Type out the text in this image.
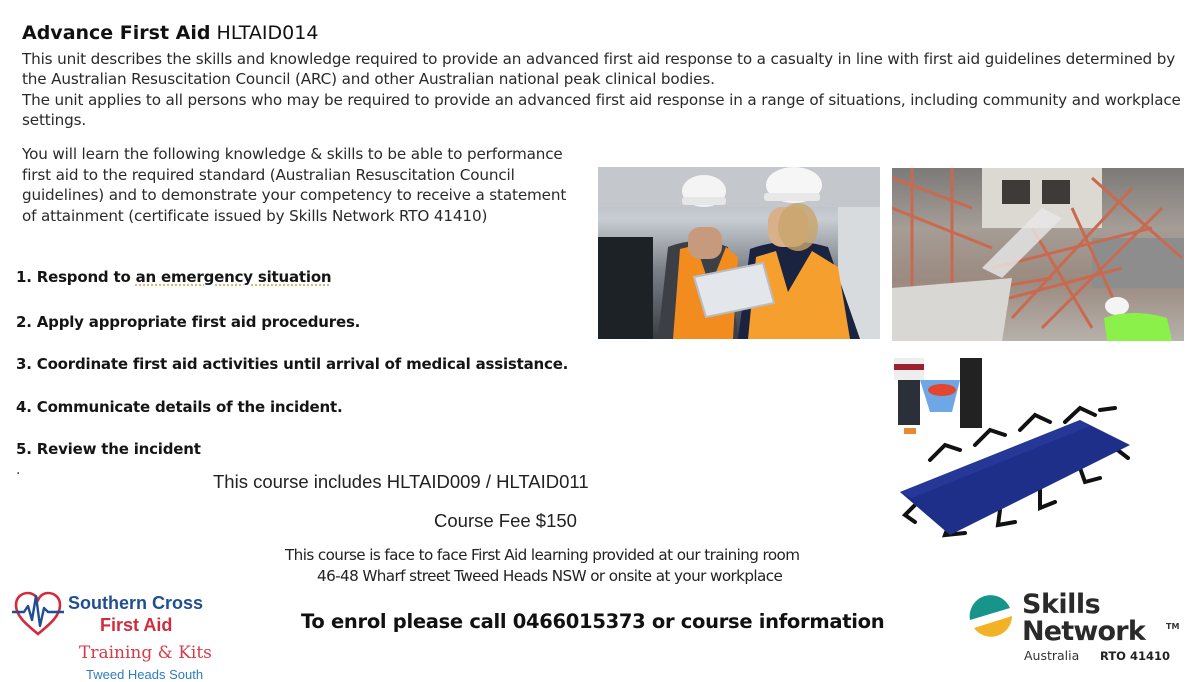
Advance First Aid HLTAID014
This unit describes the skills and knowledge required to provide an advanced first aid response to a casualty in line with first aid guidelines determined by the Australian Resuscitation Council (ARC) and other Australian national peak clinical bodies.
The unit applies to all persons who may be required to provide an advanced first aid response in a range of situations, including community and workplace settings.
You will learn the following knowledge & skills to be able to performance first aid to the required standard (Australian Resuscitation Council guidelines) and to demonstrate your competency to receive a statement of attainment (certificate issued by Skills Network RTO 41410)
1. Respond to an emergency situation
2. Apply appropriate first aid procedures.
3. Coordinate first aid activities until arrival of medical assistance.
4. Communicate details of the incident.
5. Review the incident
.
This course includes HLTAID009 / HLTAID011
Course Fee $150
This course is face to face First Aid learning provided at our training room
46-48 Wharf street Tweed Heads NSW or onsite at your workplace
To enrol please call 0466015373 or course information
Southern Cross
First Aid
Training & Kits
Tweed Heads South
Skills
Network	TM
Australia RTO 41410
